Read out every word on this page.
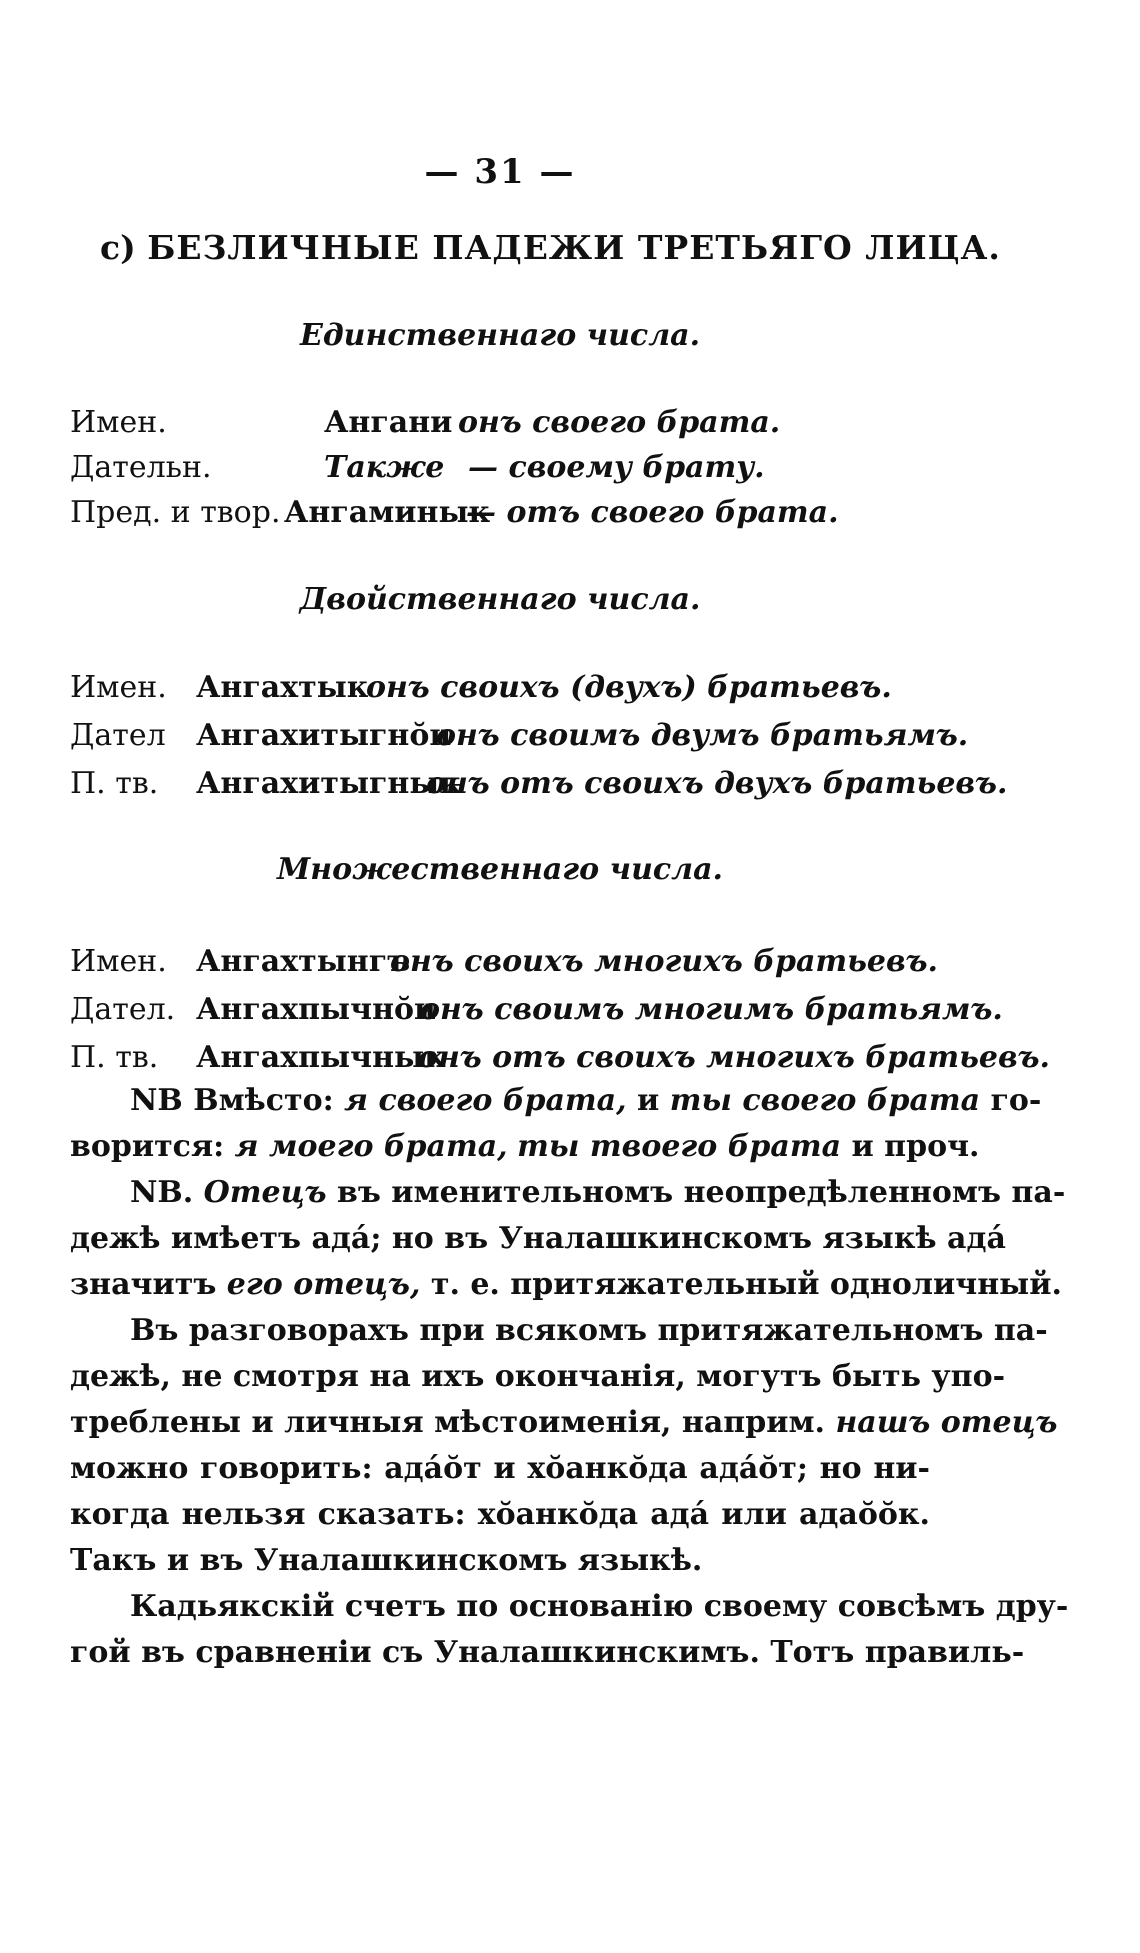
— 31 —
c) БЕЗЛИЧНЫЕ ПАДЕЖИ ТРЕТЬЯГО ЛИЦА.
Единственнаго числа.
Имен.	Ангани онъ своего брата.
Дательн.	Также — своему брату.
Пред. и твор. Ангаминык
— отъ своего брата.
Двойственнаго числа.
Имен. Ангахтык
онъ своихъ (двухъ) братьевъ.
Дател Ангахитыгнŏн
онъ своимъ двумъ братьямъ.
П. тв. Ангахитыгнык
онъ отъ своихъ двухъ братьевъ.
Множественнаго числа.
Имен. Ангахтынгъ
онъ своихъ многихъ братьевъ.
Дател. Ангахпычнŏн
онъ своимъ многимъ братьямъ.
П. тв. Ангахпычнык
онъ отъ своихъ многихъ братьевъ.
NB Вмѣсто: я своего брата, и ты своего брата го-
ворится: я моего брата, ты твоего брата и проч.
NB. Отецъ въ именительномъ неопредѣленномъ па-
дежѣ имѣетъ ада́; но въ Уналашкинскомъ языкѣ ада́
значитъ его отецъ, т. е. притяжательный одноличный.
Въ разговорахъ при всякомъ притяжательномъ па-
дежѣ, не смотря на ихъ окончанія, могутъ быть упо-
треблены и личныя мѣстоименія, наприм. нашъ отецъ
можно говорить: ада́ŏт и хŏанкŏда ада́ŏт; но ни-
когда нельзя сказать: хŏанкŏда ада́ или адаŏŏк.
Такъ и въ Уналашкинскомъ языкѣ.
Кадьякскій счетъ по основанію своему совсѣмъ дру-
гой въ сравненіи съ Уналашкинскимъ. Тотъ правиль-
